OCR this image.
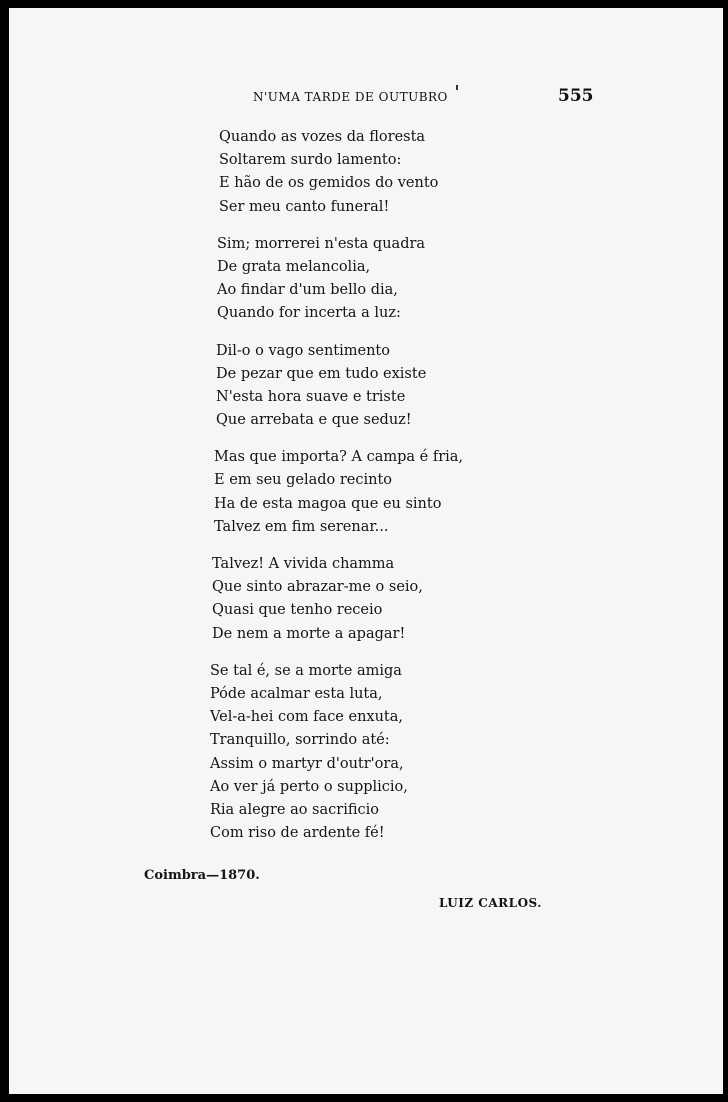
N'UMA TARDE DE OUTUBRO	555
Quando as vozes da floresta
Soltarem surdo lamento:
E hão de os gemidos do vento
Ser meu canto funeral!
Sim; morrerei n'esta quadra
De grata melancolia,
Ao findar d'um bello dia,
Quando for incerta a luz:
Dil-o o vago sentimento
De pezar que em tudo existe
N'esta hora suave e triste
Que arrebata e que seduz!
Mas que importa? A campa é fria,
E em seu gelado recinto
Ha de esta magoa que eu sinto
Talvez em fim serenar...
Talvez! A vivida chamma
Que sinto abrazar-me o seio,
Quasi que tenho receio
De nem a morte a apagar!
Se tal é, se a morte amiga
Póde acalmar esta luta,
Vel-a-hei com face enxuta,
Tranquillo, sorrindo até:
Assim o martyr d'outr'ora,
Ao ver já perto o supplicio,
Ria alegre ao sacrificio
Com riso de ardente fé!
Coimbra—1870.
LUIZ CARLOS.
